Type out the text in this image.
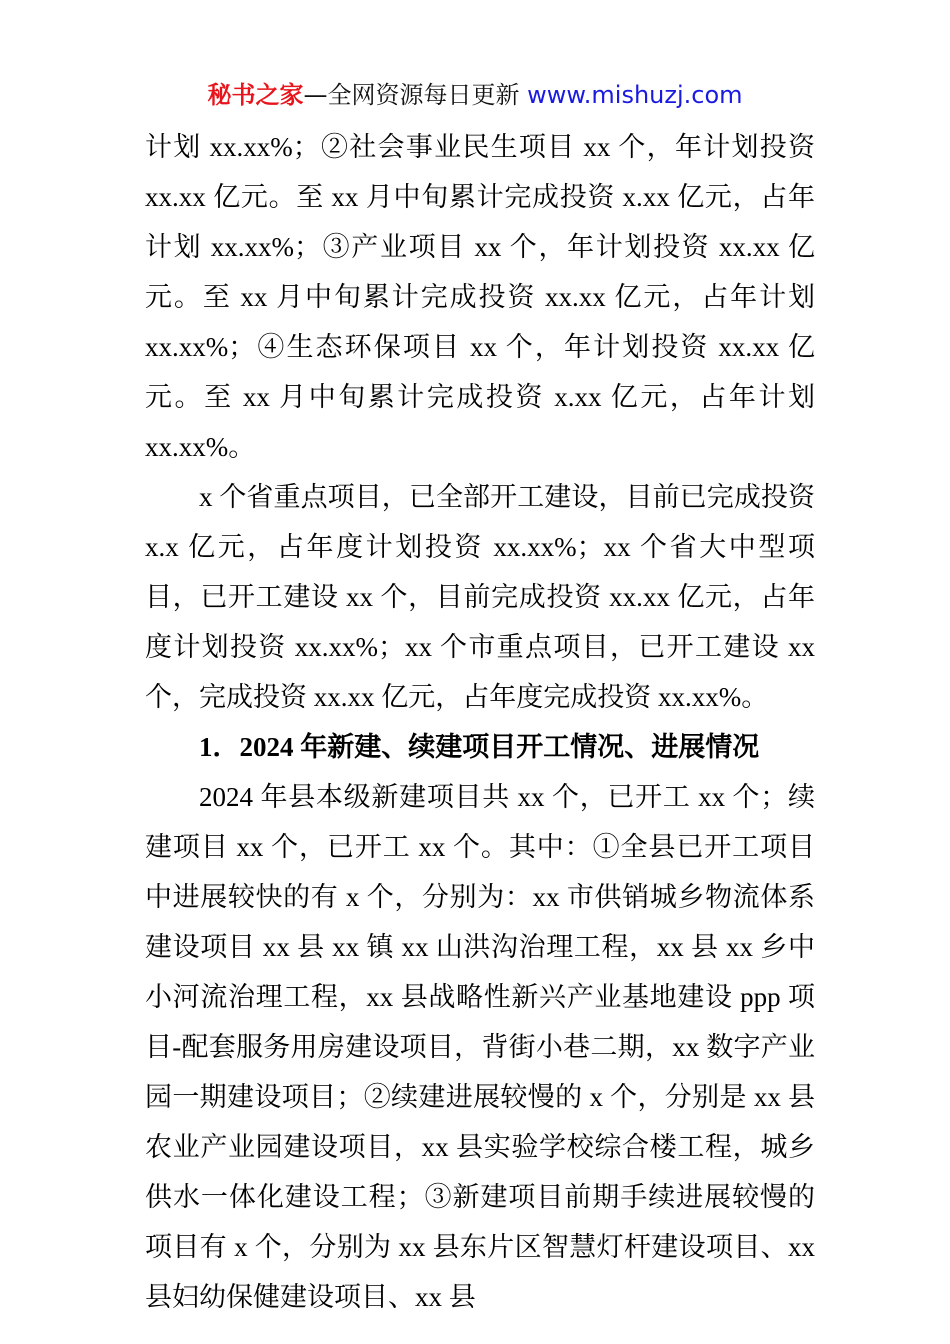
秘书之家—全网资源每日更新 www.mishuzj.com

计划 xx.xx%；②社会事业民生项目 xx 个，年计划投资 xx.xx 亿元。至 xx 月中旬累计完成投资 x.xx 亿元，占年计划 xx.xx%；③产业项目 xx 个，年计划投资 xx.xx 亿元。至 xx 月中旬累计完成投资 xx.xx 亿元，占年计划 xx.xx%；④生态环保项目 xx 个，年计划投资 xx.xx 亿元。至 xx 月中旬累计完成投资 x.xx 亿元，占年计划 xx.xx%。

x 个省重点项目，已全部开工建设，目前已完成投资 x.x 亿元，占年度计划投资 xx.xx%；xx 个省大中型项目，已开工建设 xx 个，目前完成投资 xx.xx 亿元，占年度计划投资 xx.xx%；xx 个市重点项目，已开工建设 xx 个，完成投资 xx.xx 亿元，占年度完成投资 xx.xx%。

1．2024 年新建、续建项目开工情况、进展情况

2024 年县本级新建项目共 xx 个，已开工 xx 个；续建项目 xx 个，已开工 xx 个。其中：①全县已开工项目中进展较快的有 x 个，分别为：xx 市供销城乡物流体系建设项目 xx 县 xx 镇 xx 山洪沟治理工程，xx 县 xx 乡中小河流治理工程，xx 县战略性新兴产业基地建设 ppp 项目-配套服务用房建设项目，背街小巷二期，xx 数字产业园一期建设项目；②续建进展较慢的 x 个，分别是 xx 县农业产业园建设项目，xx 县实验学校综合楼工程，城乡供水一体化建设工程；③新建项目前期手续进展较慢的项目有 x 个，分别为 xx 县东片区智慧灯杆建设项目、xx 县妇幼保健建设项目、xx 县
